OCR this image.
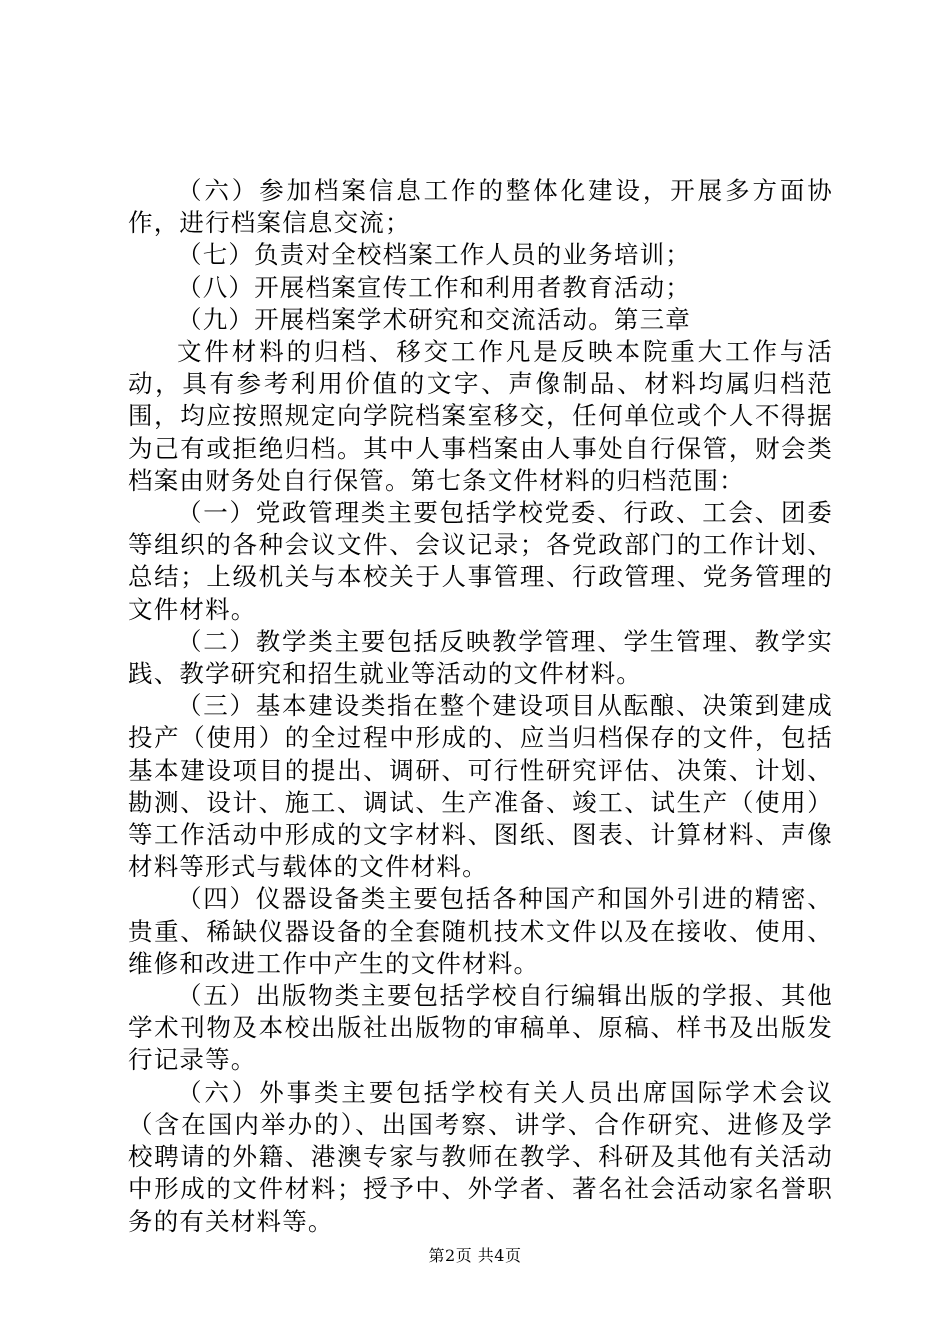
（六）参加档案信息工作的整体化建设，开展多方面协作，进行档案信息交流；

（七）负责对全校档案工作人员的业务培训；

（八）开展档案宣传工作和利用者教育活动；

（九）开展档案学术研究和交流活动。第三章

文件材料的归档、移交工作凡是反映本院重大工作与活动，具有参考利用价值的文字、声像制品、材料均属归档范围，均应按照规定向学院档案室移交，任何单位或个人不得据为己有或拒绝归档。其中人事档案由人事处自行保管，财会类档案由财务处自行保管。第七条文件材料的归档范围：

（一）党政管理类主要包括学校党委、行政、工会、团委等组织的各种会议文件、会议记录；各党政部门的工作计划、总结；上级机关与本校关于人事管理、行政管理、党务管理的文件材料。

（二）教学类主要包括反映教学管理、学生管理、教学实践、教学研究和招生就业等活动的文件材料。

（三）基本建设类指在整个建设项目从酝酿、决策到建成投产（使用）的全过程中形成的、应当归档保存的文件，包括基本建设项目的提出、调研、可行性研究评估、决策、计划、勘测、设计、施工、调试、生产准备、竣工、试生产（使用）等工作活动中形成的文字材料、图纸、图表、计算材料、声像材料等形式与载体的文件材料。

（四）仪器设备类主要包括各种国产和国外引进的精密、贵重、稀缺仪器设备的全套随机技术文件以及在接收、使用、维修和改进工作中产生的文件材料。

（五）出版物类主要包括学校自行编辑出版的学报、其他学术刊物及本校出版社出版物的审稿单、原稿、样书及出版发行记录等。

（六）外事类主要包括学校有关人员出席国际学术会议（含在国内举办的）、出国考察、讲学、合作研究、进修及学校聘请的外籍、港澳专家与教师在教学、科研及其他有关活动中形成的文件材料；授予中、外学者、著名社会活动家名誉职务的有关材料等。

第2页 共4页
